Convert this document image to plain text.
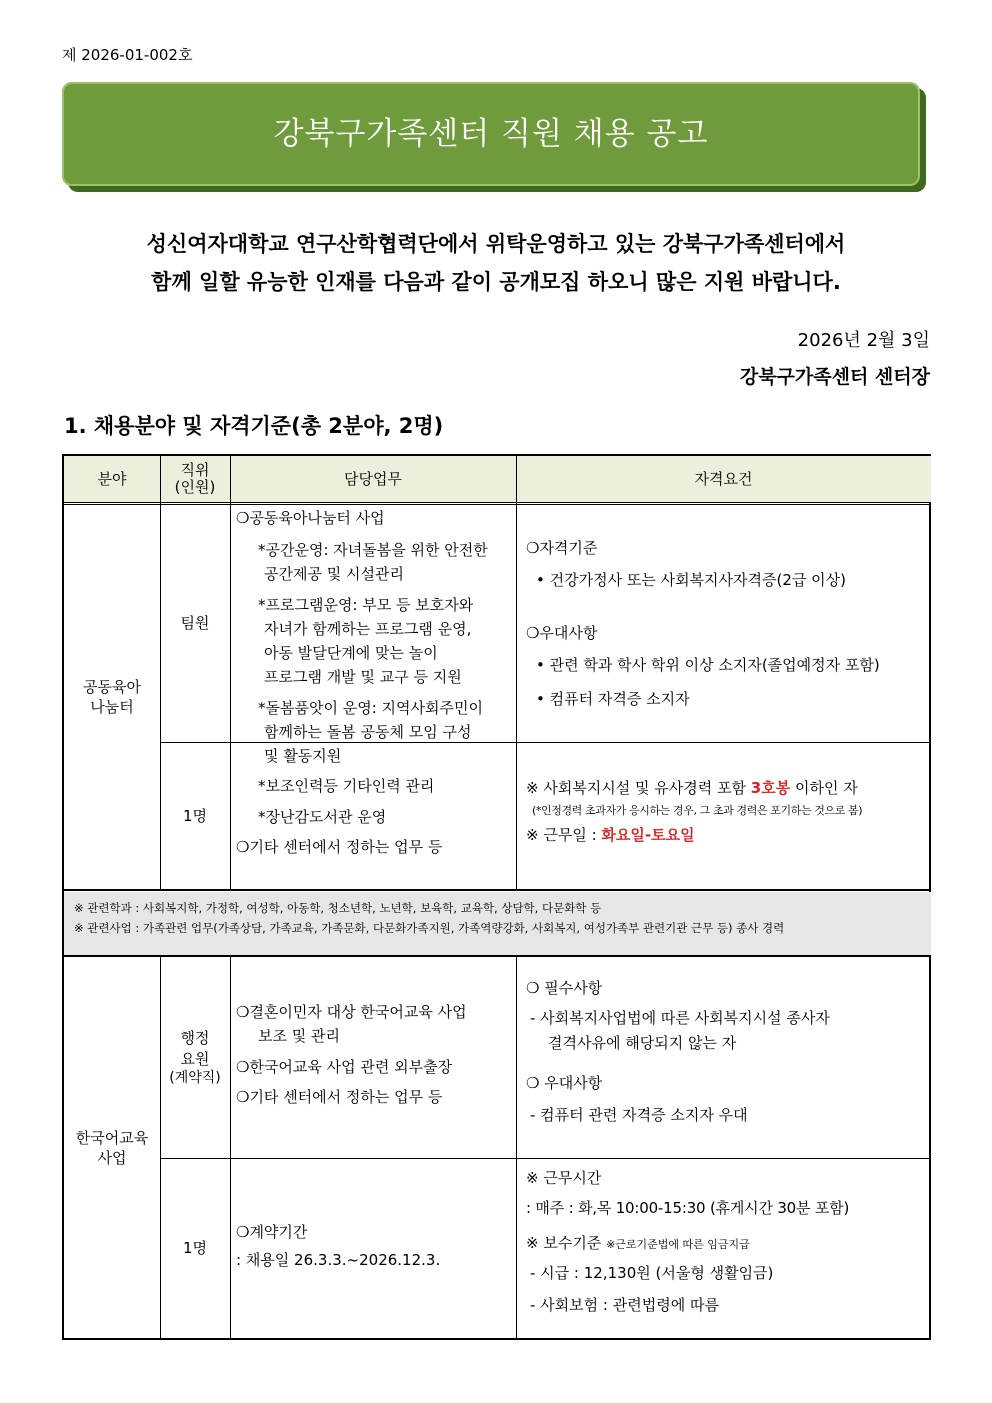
제 2026-01-002호
강북구가족센터 직원 채용 공고
성신여자대학교 연구산학협력단에서 위탁운영하고 있는 강북구가족센터에서
함께 일할 유능한 인재를 다음과 같이 공개모집 하오니 많은 지원 바랍니다.
2026년 2월 3일
강북구가족센터 센터장
1. 채용분야 및 자격기준(총 2분야, 2명)
분야
직위
(인원)	담당업무	자격요건
공동육아
나눔터
팀원
1명
❍공동육아나눔터 사업
*공간운영: 자녀돌봄을 위한 안전한
공간제공 및 시설관리
*프로그램운영: 부모 등 보호자와
자녀가 함께하는 프로그램 운영,
아동 발달단계에 맞는 놀이
프로그램 개발 및 교구 등 지원
*돌봄품앗이 운영: 지역사회주민이
함께하는 돌봄 공동체 모임 구성
및 활동지원
*보조인력등 기타인력 관리
*장난감도서관 운영
❍기타 센터에서 정하는 업무 등
❍자격기준
• 건강가정사 또는 사회복지사자격증(2급 이상)
❍우대사항
• 관련 학과 학사 학위 이상 소지자(졸업예정자 포함)
• 컴퓨터 자격증 소지자
※ 사회복지시설 및 유사경력 포함 3호봉 이하인 자
(*인정경력 초과자가 응시하는 경우, 그 초과 경력은 포기하는 것으로 봄)
※ 근무일 : 화요일-토요일
※ 관련학과 : 사회복지학, 가정학, 여성학, 아동학, 청소년학, 노년학, 보육학, 교육학, 상담학, 다문화학 등
※ 관련사업 : 가족관련 업무(가족상담, 가족교육, 가족문화, 다문화가족지원, 가족역량강화, 사회복지, 여성가족부 관련기관 근무 등) 종사 경력
한국어교육
사업
행정
요원
(계약직)
1명
❍결혼이민자 대상 한국어교육 사업
보조 및 관리
❍한국어교육 사업 관련 외부출장
❍기타 센터에서 정하는 업무 등
❍계약기간
: 채용일 26.3.3.~2026.12.3.
❍ 필수사항
- 사회복지사업법에 따른 사회복지시설 종사자
결격사유에 해당되지 않는 자
❍ 우대사항
- 컴퓨터 관련 자격증 소지자 우대
※ 근무시간
: 매주 : 화,목 10:00-15:30 (휴게시간 30분 포함)
※ 보수기준 ※근로기준법에 따른 임금지급
- 시급 : 12,130원 (서울형 생활임금)
- 사회보험 : 관련법령에 따름
